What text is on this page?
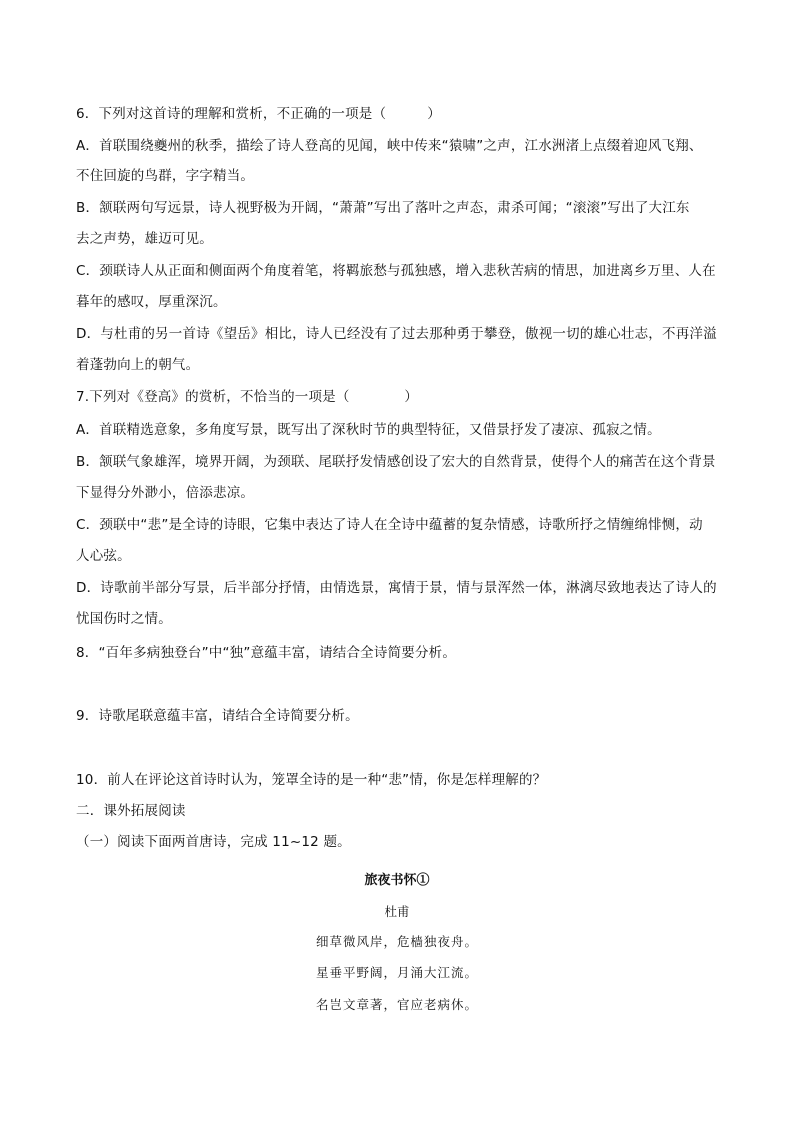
6．下列对这首诗的理解和赏析，不正确的一项是（　　　）
A．首联围绕夔州的秋季，描绘了诗人登高的见闻，峡中传来“猿啸”之声，江水洲渚上点缀着迎风飞翔、
不住回旋的鸟群，字字精当。
B．颔联两句写远景，诗人视野极为开阔，“萧萧”写出了落叶之声态，肃杀可闻；“滚滚”写出了大江东
去之声势，雄迈可见。
C．颈联诗人从正面和侧面两个角度着笔，将羁旅愁与孤独感，增入悲秋苦病的情思，加进离乡万里、人在
暮年的感叹，厚重深沉。
D．与杜甫的另一首诗《望岳》相比，诗人已经没有了过去那种勇于攀登，傲视一切的雄心壮志，不再洋溢
着蓬勃向上的朝气。
7.下列对《登高》的赏析，不恰当的一项是（　　　　）
A．首联精选意象，多角度写景，既写出了深秋时节的典型特征，又借景抒发了凄凉、孤寂之情。
B．颔联气象雄浑，境界开阔，为颈联、尾联抒发情感创设了宏大的自然背景，使得个人的痛苦在这个背景
下显得分外渺小，倍添悲凉。
C．颈联中“悲”是全诗的诗眼，它集中表达了诗人在全诗中蕴蓄的复杂情感，诗歌所抒之情缠绵悱恻，动
人心弦。
D．诗歌前半部分写景，后半部分抒情，由情选景，寓情于景，情与景浑然一体，淋漓尽致地表达了诗人的
忧国伤时之情。
8．“百年多病独登台”中“独”意蕴丰富，请结合全诗简要分析。
9．诗歌尾联意蕴丰富，请结合全诗简要分析。
10．前人在评论这首诗时认为，笼罩全诗的是一种“悲”情，你是怎样理解的？
二．课外拓展阅读
（一）阅读下面两首唐诗，完成 11~12 题。
旅夜书怀①
杜甫
细草微风岸，危樯独夜舟。
星垂平野阔，月涌大江流。
名岂文章著，官应老病休。
